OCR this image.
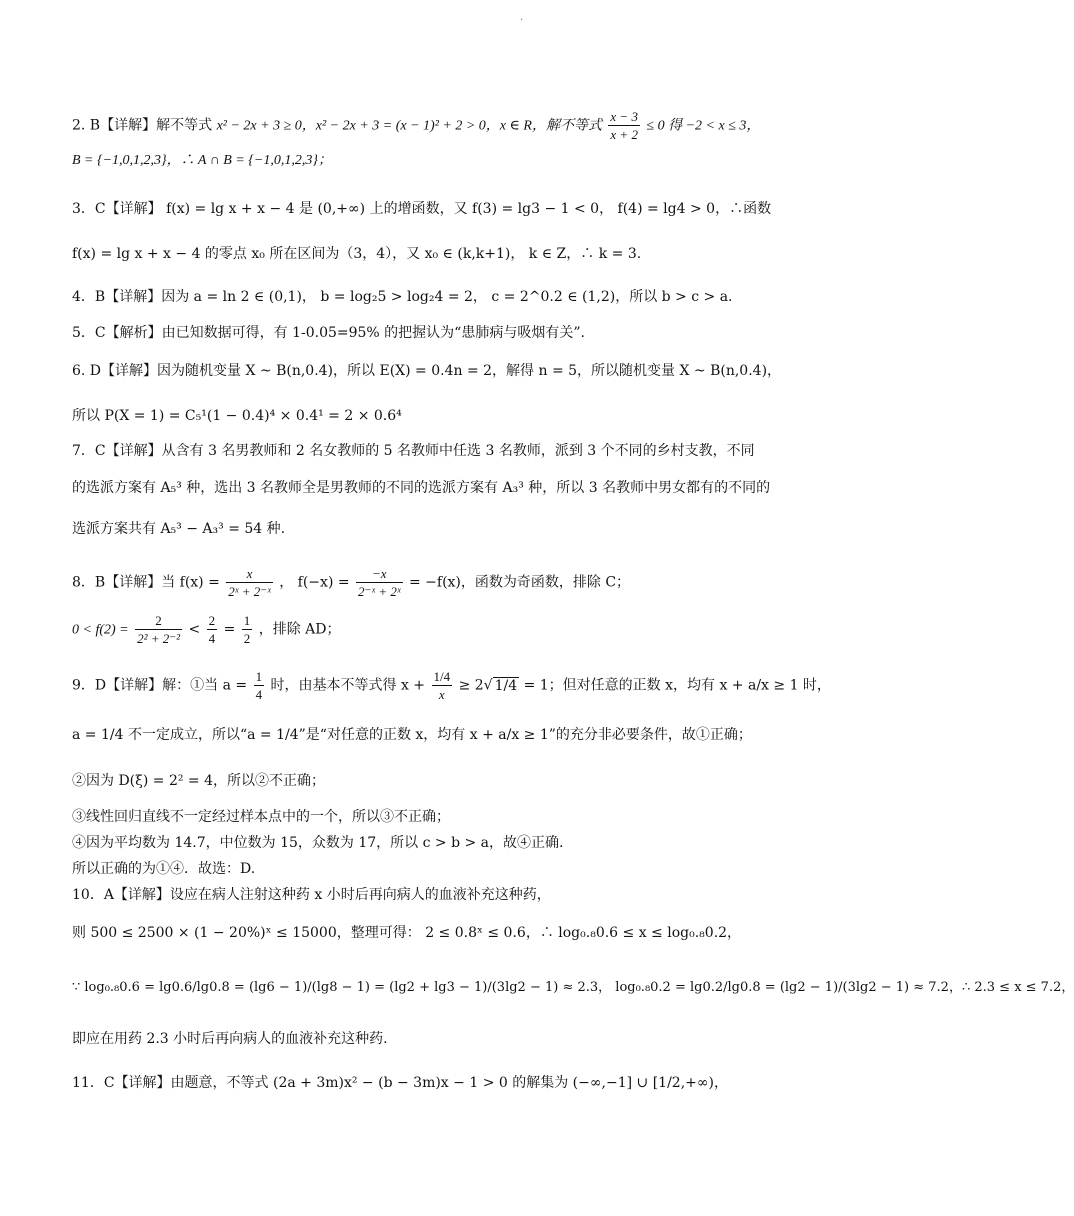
.
2. B【详解】解不等式 x² − 2x + 3 ≥ 0，x² − 2x + 3 = (x − 1)² + 2 > 0，x ∈ R，解不等式 $\frac{x - 3}{x + 2} \le 0$ 得 −2 < x ≤ 3，
B = {−1,0,1,2,3}，∴ A ∩ B = {−1,0,1,2,3}；
3．C【详解】 f(x) = lg x + x − 4 是 (0,+∞) 上的增函数，又 f(3) = lg3 − 1 < 0， f(4) = lg4 > 0，∴函数
f(x) = lg x + x − 4 的零点 x₀ 所在区间为（3，4），又 x₀ ∈ (k,k+1)， k ∈ Z，∴ k = 3.
4．B【详解】因为 a = ln 2 ∈ (0,1)， b = log₂5 > log₂4 = 2， c = 2^0.2 ∈ (1,2)，所以 b > c > a.
5．C【解析】由已知数据可得，有 1-0.05=95% 的把握认为“患肺病与吸烟有关”.
6. D【详解】因为随机变量 X ~ B(n,0.4)，所以 E(X) = 0.4n = 2，解得 n = 5，所以随机变量 X ~ B(n,0.4)，
所以 P(X = 1) = C₅¹(1 − 0.4)⁴ × 0.4¹ = 2 × 0.6⁴
7．C【详解】从含有 3 名男教师和 2 名女教师的 5 名教师中任选 3 名教师，派到 3 个不同的乡村支教，不同
的选派方案有 A₅³ 种，选出 3 名教师全是男教师的不同的选派方案有 A₃³ 种，所以 3 名教师中男女都有的不同的
选派方案共有 A₅³ − A₃³ = 54 种.
8．B【详解】当 $f(x) = \frac{x}{\text{2ˣ + 2⁻ˣ}}$ ， $f(-x) = \frac{-x}{\text{2⁻ˣ + 2ˣ}} = -f(x)$，函数为奇函数，排除 C；
$0 < f(2) = \frac{2}{\text{2² + 2⁻²}} < \frac{2}{4} = \frac{1}{2}$ ，排除 AD；
9．D【详解】解：①当 $a = \frac{1}{4}$ 时，由基本不等式得 $x + \frac{1/4}{x} \ge 2√$ 1/4 = 1；但对任意的正数 x，均有 x + a/x ≥ 1 时，
a = 1/4 不一定成立，所以“a = 1/4”是“对任意的正数 x，均有 x + a/x ≥ 1”的充分非必要条件，故①正确；
②因为 D(ξ) = 2² = 4，所以②不正确；
③线性回归直线不一定经过样本点中的一个，所以③不正确；
④因为平均数为 14.7，中位数为 15，众数为 17，所以 c > b > a，故④正确.
所以正确的为①④．故选：D.
10．A【详解】设应在病人注射这种药 x 小时后再向病人的血液补充这种药，
则 500 ≤ 2500 × (1 − 20%)ˣ ≤ 15000，整理可得： 2 ≤ 0.8ˣ ≤ 0.6，∴ log₀.₈0.6 ≤ x ≤ log₀.₈0.2，
∵ log₀.₈0.6 = lg0.6/lg0.8 = (lg6 − 1)/(lg8 − 1) = (lg2 + lg3 − 1)/(3lg2 − 1) ≈ 2.3， log₀.₈0.2 = lg0.2/lg0.8 = (lg2 − 1)/(3lg2 − 1) ≈ 7.2，∴ 2.3 ≤ x ≤ 7.2，
即应在用药 2.3 小时后再向病人的血液补充这种药.
11．C【详解】由题意，不等式 (2a + 3m)x² − (b − 3m)x − 1 > 0 的解集为 (−∞,−1] ∪ [1/2,+∞)，
